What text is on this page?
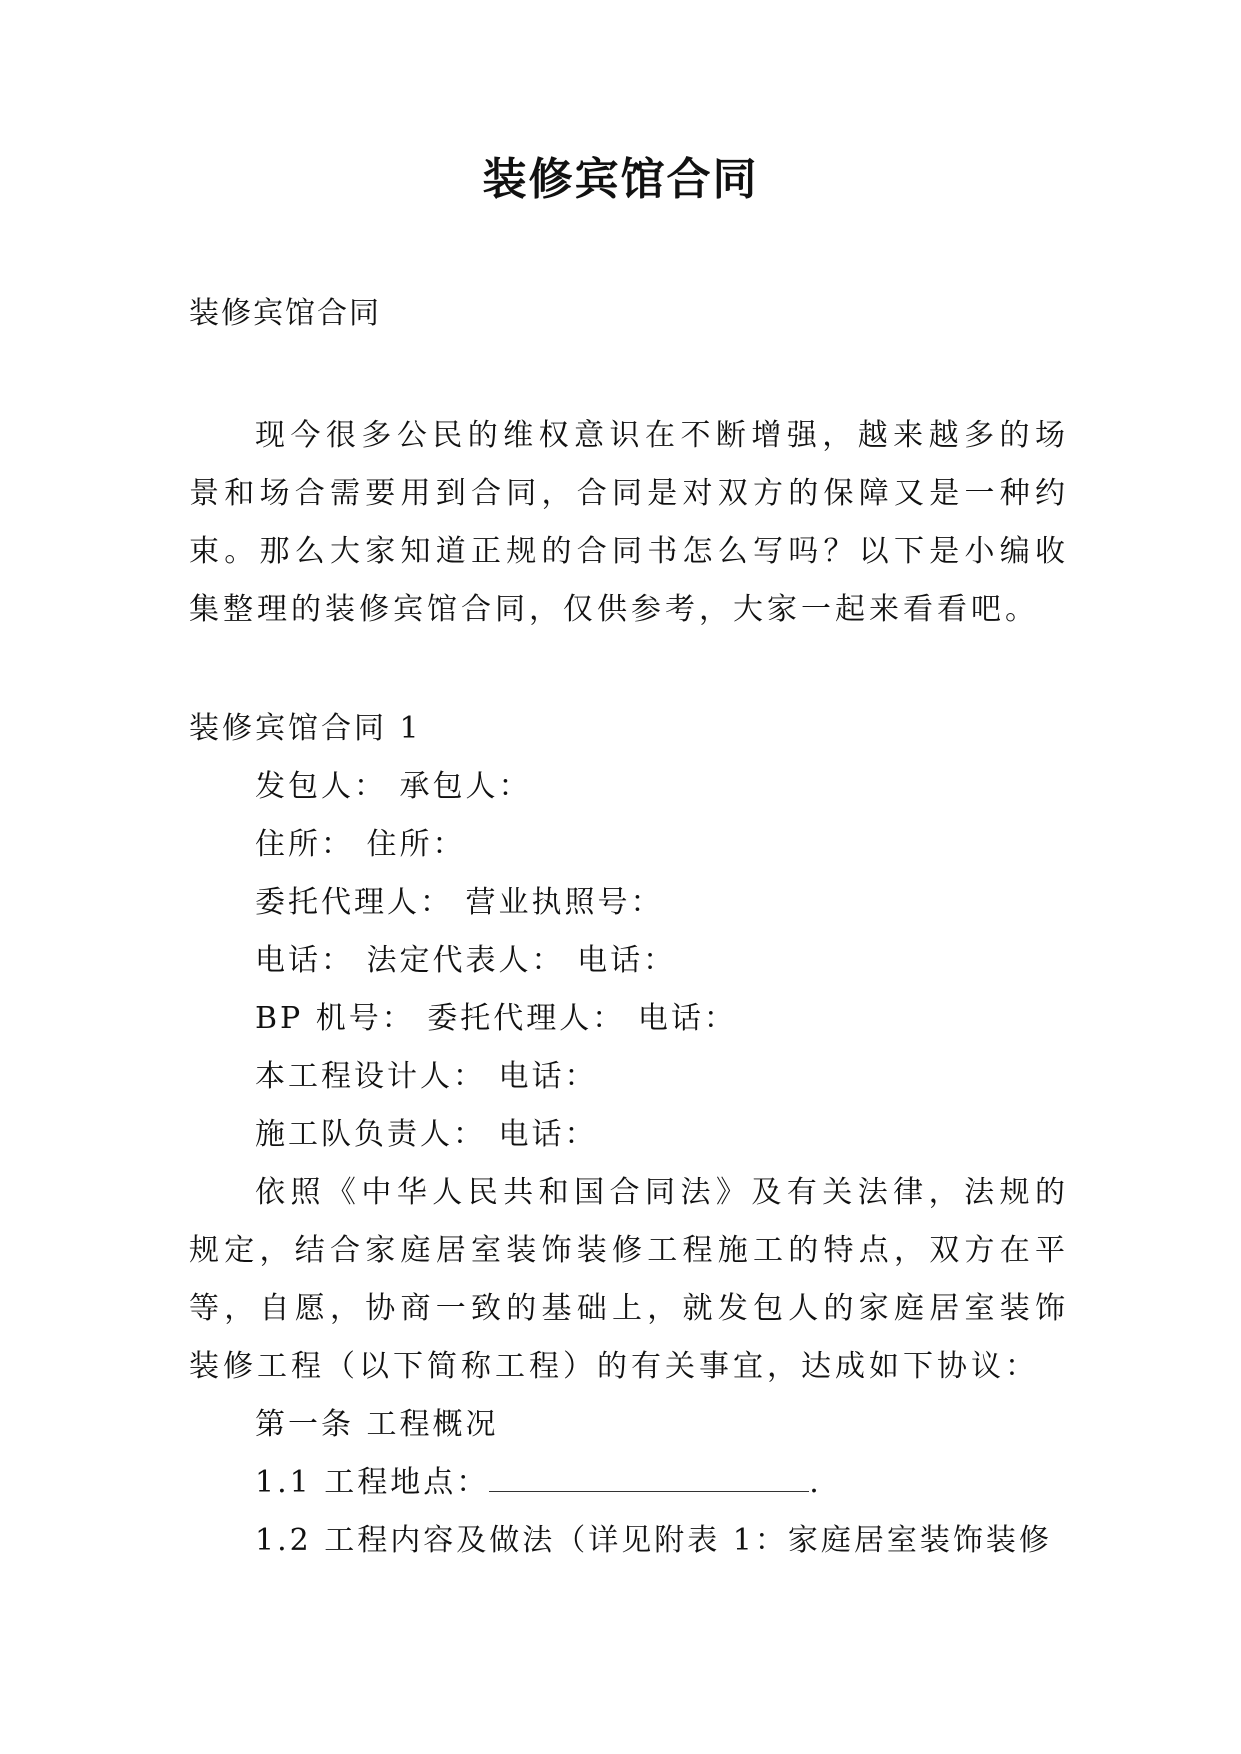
装修宾馆合同
装修宾馆合同

现今很多公民的维权意识在不断增强，越来越多的场景和场合需要用到合同，合同是对双方的保障又是一种约束。那么大家知道正规的合同书怎么写吗？以下是小编收集整理的装修宾馆合同，仅供参考，大家一起来看看吧。

装修宾馆合同 1

发包人： 承包人：

住所： 住所：

委托代理人： 营业执照号：

电话： 法定代表人： 电话：

BP 机号： 委托代理人： 电话：

本工程设计人： 电话：

施工队负责人： 电话：

依照《中华人民共和国合同法》及有关法律，法规的规定，结合家庭居室装饰装修工程施工的特点，双方在平等，自愿，协商一致的基础上，就发包人的家庭居室装饰装修工程（以下简称工程）的有关事宜，达成如下协议：

第一条 工程概况

1.1 工程地点：	.

1.2 工程内容及做法（详见附表 1：家庭居室装饰装修
